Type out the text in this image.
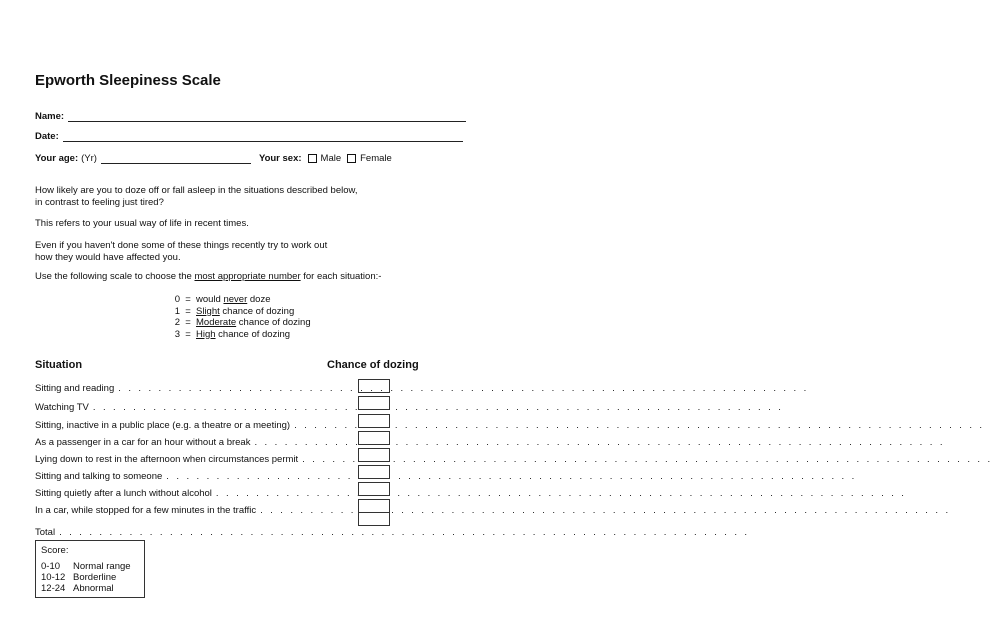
Epworth Sleepiness Scale
Name:
Date:
Your age: (Yr)	Your sex: Male Female
How likely are you to doze off or fall asleep in the situations described below,
in contrast to feeling just tired?
This refers to your usual way of life in recent times.
Even if you haven't done some of these things recently try to work out
how they would have affected you.
Use the following scale to choose the most appropriate number for each situation:-
0 = would never doze
1 = Slight chance of dozing
2 = Moderate chance of dozing
3 = High chance of dozing
Situation	Chance of dozing
Sitting and reading . . . . . . . . . . . . . . . . . . . . . . . . . . . . . . . . . . . . . . . . . . . . . . . . . . . . . . . . . . . . . . . . . . . . .
Watching TV . . . . . . . . . . . . . . . . . . . . . . . . . . . . . . . . . . . . . . . . . . . . . . . . . . . . . . . . . . . . . . . . . . . . .
Sitting, inactive in a public place (e.g. a theatre or a meeting) . . . . . . . . . . . . . . . . . . . . . . . . . . . . . . . . . . . . . . . . . . . . . . . . . . . . . . . . . . . . . . . . . . . . .
As a passenger in a car for an hour without a break . . . . . . . . . . . . . . . . . . . . . . . . . . . . . . . . . . . . . . . . . . . . . . . . . . . . . . . . . . . . . . . . . . . . .
Lying down to rest in the afternoon when circumstances permit . . . . . . . . . . . . . . . . . . . . . . . . . . . . . . . . . . . . . . . . . . . . . . . . . . . . . . . . . . . . . . . . . . . . .
Sitting and talking to someone . . . . . . . . . . . . . . . . . . . . . . . . . . . . . . . . . . . . . . . . . . . . . . . . . . . . . . . . . . . . . . . . . . . . .
Sitting quietly after a lunch without alcohol . . . . . . . . . . . . . . . . . . . . . . . . . . . . . . . . . . . . . . . . . . . . . . . . . . . . . . . . . . . . . . . . . . . . .
In a car, while stopped for a few minutes in the traffic . . . . . . . . . . . . . . . . . . . . . . . . . . . . . . . . . . . . . . . . . . . . . . . . . . . . . . . . . . . . . . . . . . . . .
Total . . . . . . . . . . . . . . . . . . . . . . . . . . . . . . . . . . . . . . . . . . . . . . . . . . . . . . . . . . . . . . . . . . . . .
Score:
0-10	Normal range
10-12 Borderline
12-24 Abnormal
